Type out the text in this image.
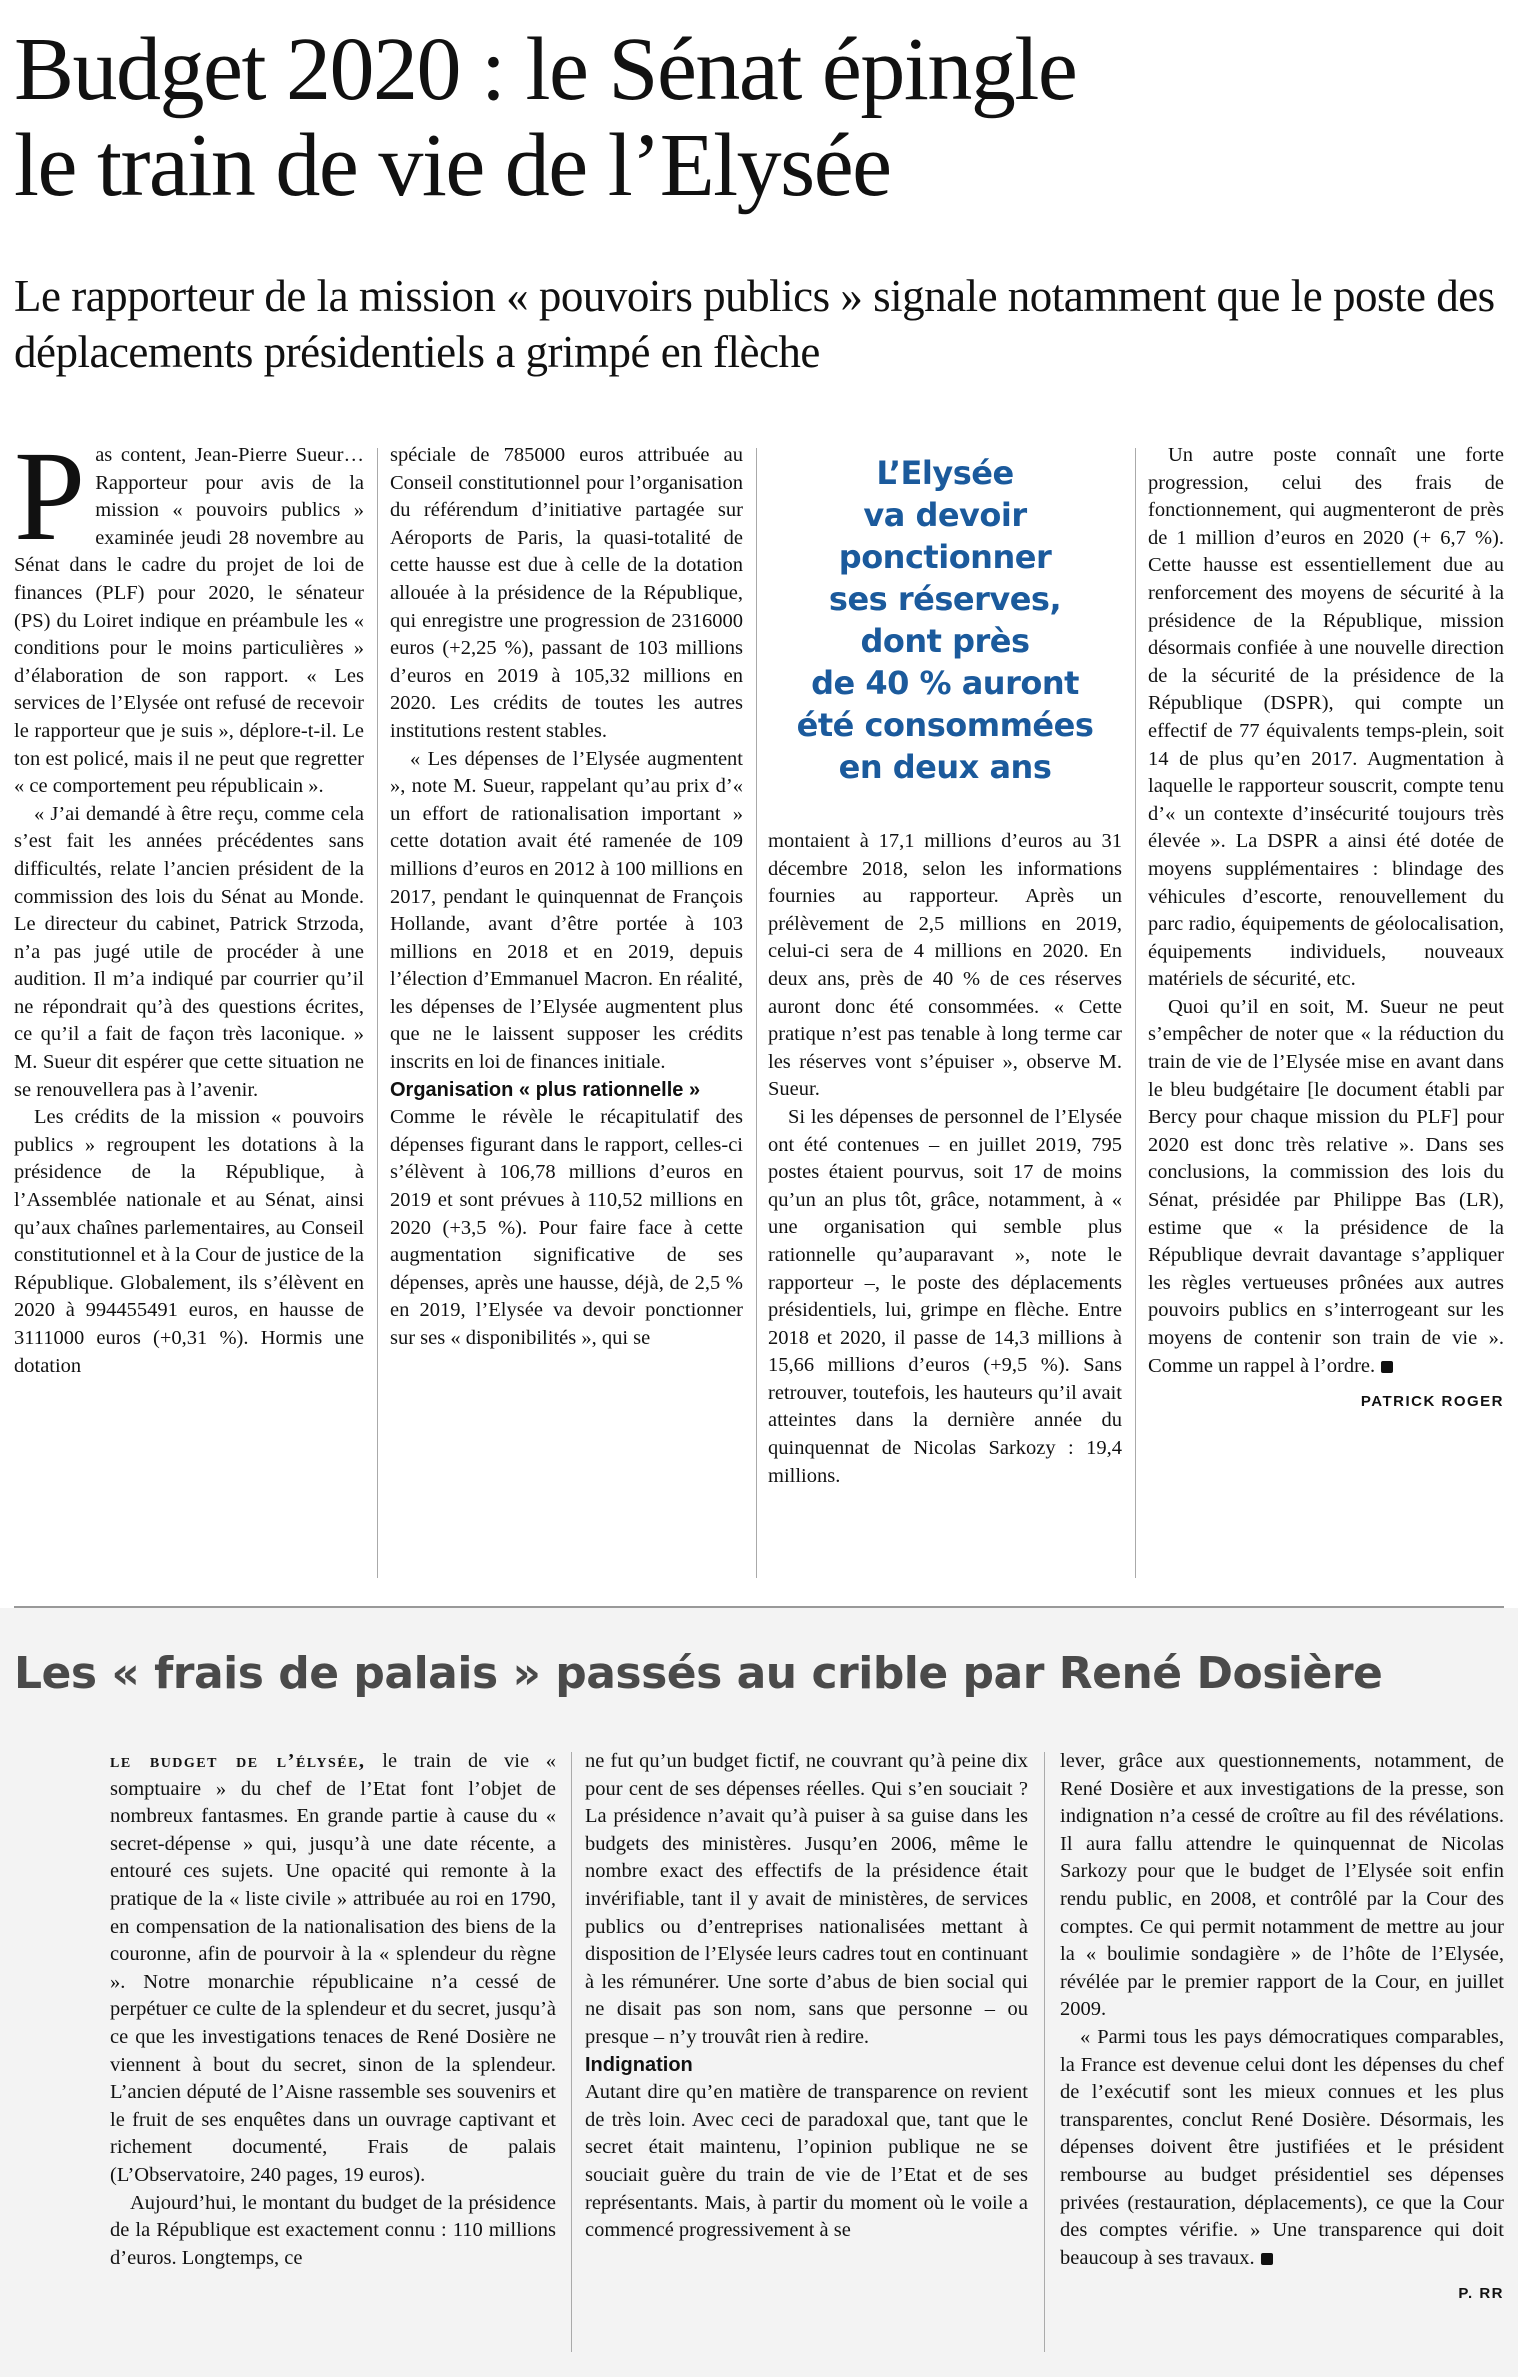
Budget 2020 : le Sénat épingle
le train de vie de l’Elysée

Le rapporteur de la mission « pouvoirs publics » signale notamment que le poste des déplacements présidentiels a grimpé en flèche

Pas content, Jean-Pierre Sueur… Rapporteur pour avis de la mission « pouvoirs publics » examinée jeudi 28 novembre au Sénat dans le cadre du projet de loi de finances (PLF) pour 2020, le sénateur (PS) du Loiret indique en préambule les « conditions pour le moins particulières » d’élaboration de son rapport. « Les services de l’Elysée ont refusé de recevoir le rapporteur que je suis », déplore-t-il. Le ton est policé, mais il ne peut que regretter « ce comportement peu républicain ».

« J’ai demandé à être reçu, comme cela s’est fait les années précédentes sans difficultés, relate l’ancien président de la commission des lois du Sénat au Monde. Le directeur du cabinet, Patrick Strzoda, n’a pas jugé utile de procéder à une audition. Il m’a indiqué par courrier qu’il ne répondrait qu’à des questions écrites, ce qu’il a fait de façon très laconique. » M. Sueur dit espérer que cette situation ne se renouvellera pas à l’avenir.

Les crédits de la mission « pouvoirs publics » regroupent les dotations à la présidence de la République, à l’Assemblée nationale et au Sénat, ainsi qu’aux chaînes parlementaires, au Conseil constitutionnel et à la Cour de justice de la République. Globalement, ils s’élèvent en 2020 à 994455491 euros, en hausse de 3111000 euros (+0,31 %). Hormis une dotation

spéciale de 785000 euros attribuée au Conseil constitutionnel pour l’organisation du référendum d’initiative partagée sur Aéroports de Paris, la quasi-totalité de cette hausse est due à celle de la dotation allouée à la présidence de la République, qui enregistre une progression de 2316000 euros (+2,25 %), passant de 103 millions d’euros en 2019 à 105,32 millions en 2020. Les crédits de toutes les autres institutions restent stables.

« Les dépenses de l’Elysée augmentent », note M. Sueur, rappelant qu’au prix d’« un effort de rationalisation important » cette dotation avait été ramenée de 109 millions d’euros en 2012 à 100 millions en 2017, pendant le quinquennat de François Hollande, avant d’être portée à 103 millions en 2018 et en 2019, depuis l’élection d’Emmanuel Macron. En réalité, les dépenses de l’Elysée augmentent plus que ne le laissent supposer les crédits inscrits en loi de finances initiale.

Organisation « plus rationnelle »

Comme le révèle le récapitulatif des dépenses figurant dans le rapport, celles-ci s’élèvent à 106,78 millions d’euros en 2019 et sont prévues à 110,52 millions en 2020 (+3,5 %). Pour faire face à cette augmentation significative de ses dépenses, après une hausse, déjà, de 2,5 % en 2019, l’Elysée va devoir ponctionner sur ses « disponibilités », qui se

L’Elysée
va devoir
ponctionner
ses réserves,
dont près
de 40 % auront
été consommées
en deux ans

montaient à 17,1 millions d’euros au 31 décembre 2018, selon les informations fournies au rapporteur. Après un prélèvement de 2,5 millions en 2019, celui-ci sera de 4 millions en 2020. En deux ans, près de 40 % de ces réserves auront donc été consommées. « Cette pratique n’est pas tenable à long terme car les réserves vont s’épuiser », observe M. Sueur.

Si les dépenses de personnel de l’Elysée ont été contenues – en juillet 2019, 795 postes étaient pourvus, soit 17 de moins qu’un an plus tôt, grâce, notamment, à « une organisation qui semble plus rationnelle qu’auparavant », note le rapporteur –, le poste des déplacements présidentiels, lui, grimpe en flèche. Entre 2018 et 2020, il passe de 14,3 millions à 15,66 millions d’euros (+9,5 %). Sans retrouver, toutefois, les hauteurs qu’il avait atteintes dans la dernière année du quinquennat de Nicolas Sarkozy : 19,4 millions.

Un autre poste connaît une forte progression, celui des frais de fonctionnement, qui augmenteront de près de 1 million d’euros en 2020 (+ 6,7 %). Cette hausse est essentiellement due au renforcement des moyens de sécurité à la présidence de la République, mission désormais confiée à une nouvelle direction de la sécurité de la présidence de la République (DSPR), qui compte un effectif de 77 équivalents temps-plein, soit 14 de plus qu’en 2017. Augmentation à laquelle le rapporteur souscrit, compte tenu d’« un contexte d’insécurité toujours très élevée ». La DSPR a ainsi été dotée de moyens supplémentaires : blindage des véhicules d’escorte, renouvellement du parc radio, équipements de géolocalisation, équipements individuels, nouveaux matériels de sécurité, etc.

Quoi qu’il en soit, M. Sueur ne peut s’empêcher de noter que « la réduction du train de vie de l’Elysée mise en avant dans le bleu budgétaire [le document établi par Bercy pour chaque mission du PLF] pour 2020 est donc très relative ». Dans ses conclusions, la commission des lois du Sénat, présidée par Philippe Bas (LR), estime que « la présidence de la République devrait davantage s’appliquer les règles vertueuses prônées aux autres pouvoirs publics en s’interrogeant sur les moyens de contenir son train de vie ». Comme un rappel à l’ordre.

PATRICK ROGER

Les « frais de palais » passés au crible par René Dosière

le budget de l’élysée, le train de vie « somptuaire » du chef de l’Etat font l’objet de nombreux fantasmes. En grande partie à cause du « secret-dépense » qui, jusqu’à une date récente, a entouré ces sujets. Une opacité qui remonte à la pratique de la « liste civile » attribuée au roi en 1790, en compensation de la nationalisation des biens de la couronne, afin de pourvoir à la « splendeur du règne ». Notre monarchie républicaine n’a cessé de perpétuer ce culte de la splendeur et du secret, jusqu’à ce que les investigations tenaces de René Dosière ne viennent à bout du secret, sinon de la splendeur. L’ancien député de l’Aisne rassemble ses souvenirs et le fruit de ses enquêtes dans un ouvrage captivant et richement documenté, Frais de palais (L’Observatoire, 240 pages, 19 euros).

Aujourd’hui, le montant du budget de la présidence de la République est exactement connu : 110 millions d’euros. Longtemps, ce

ne fut qu’un budget fictif, ne couvrant qu’à peine dix pour cent de ses dépenses réelles. Qui s’en souciait ? La présidence n’avait qu’à puiser à sa guise dans les budgets des ministères. Jusqu’en 2006, même le nombre exact des effectifs de la présidence était invérifiable, tant il y avait de ministères, de services publics ou d’entreprises nationalisées mettant à disposition de l’Elysée leurs cadres tout en continuant à les rémunérer. Une sorte d’abus de bien social qui ne disait pas son nom, sans que personne – ou presque – n’y trouvât rien à redire.

Indignation

Autant dire qu’en matière de transparence on revient de très loin. Avec ceci de paradoxal que, tant que le secret était maintenu, l’opinion publique ne se souciait guère du train de vie de l’Etat et de ses représentants. Mais, à partir du moment où le voile a commencé progressivement à se

lever, grâce aux questionnements, notamment, de René Dosière et aux investigations de la presse, son indignation n’a cessé de croître au fil des révélations. Il aura fallu attendre le quinquennat de Nicolas Sarkozy pour que le budget de l’Elysée soit enfin rendu public, en 2008, et contrôlé par la Cour des comptes. Ce qui permit notamment de mettre au jour la « boulimie sondagière » de l’hôte de l’Elysée, révélée par le premier rapport de la Cour, en juillet 2009.

« Parmi tous les pays démocratiques comparables, la France est devenue celui dont les dépenses du chef de l’exécutif sont les mieux connues et les plus transparentes, conclut René Dosière. Désormais, les dépenses doivent être justifiées et le président rembourse au budget présidentiel ses dépenses privées (restauration, déplacements), ce que la Cour des comptes vérifie. » Une transparence qui doit beaucoup à ses travaux.

P. RR
